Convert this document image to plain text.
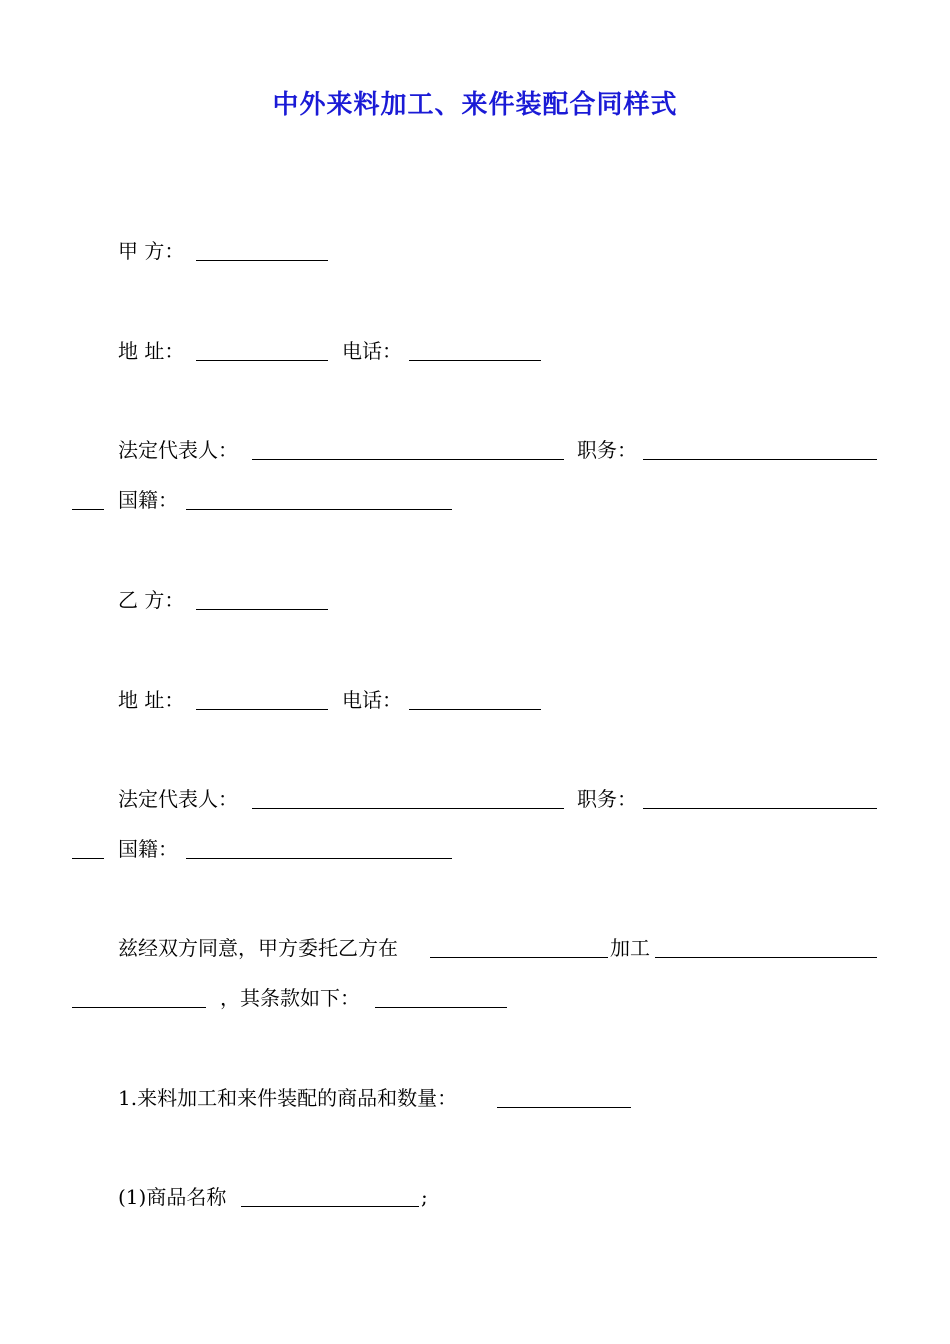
中外来料加工、来件装配合同样式
甲 方：
地 址：	电话：
法定代表人：	职务：
国籍：
乙 方：
地 址：	电话：
法定代表人：	职务：
国籍：
兹经双方同意，甲方委托乙方在	加工
，其条款如下：
1.来料加工和来件装配的商品和数量：
(1)商品名称	;
